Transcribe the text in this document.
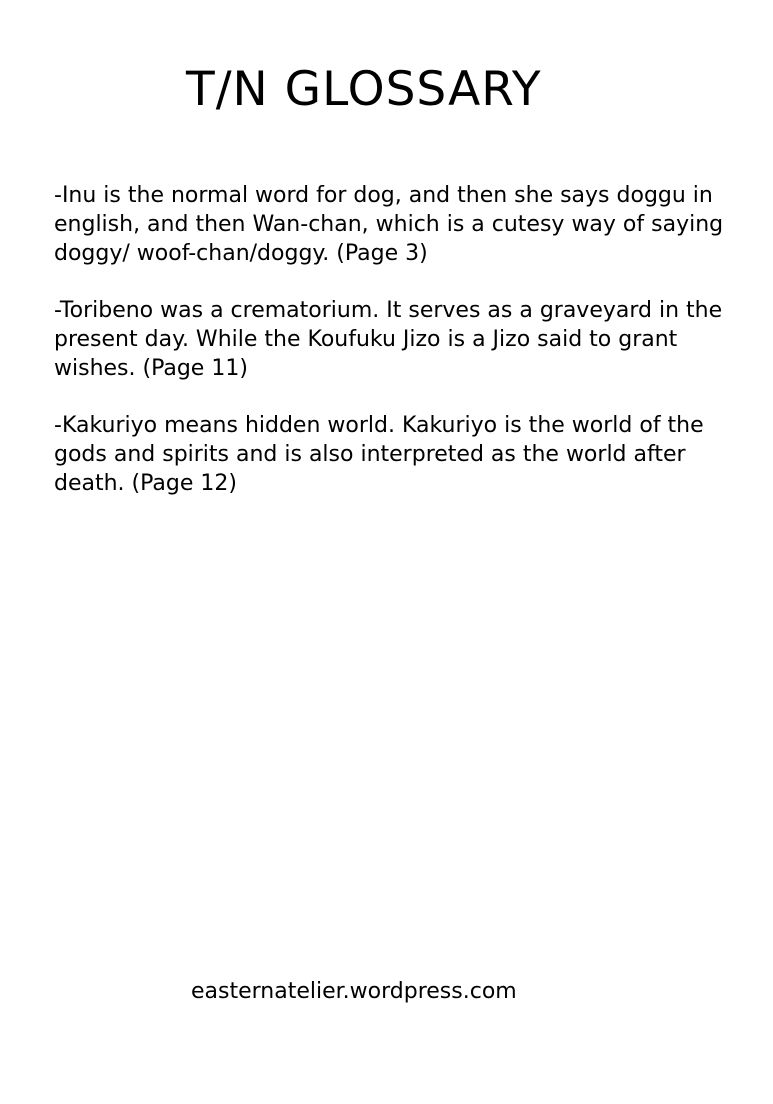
T/N GLOSSARY

-Inu is the normal word for dog, and then she says doggu in
english, and then Wan-chan, which is a cutesy way of saying
doggy/ woof-chan/doggy. (Page 3)

-Toribeno was a crematorium. It serves as a graveyard in the
present day. While the Koufuku Jizo is a Jizo said to grant
wishes. (Page 11)

-Kakuriyo means hidden world. Kakuriyo is the world of the
gods and spirits and is also interpreted as the world after
death. (Page 12)

easternatelier.wordpress.com
